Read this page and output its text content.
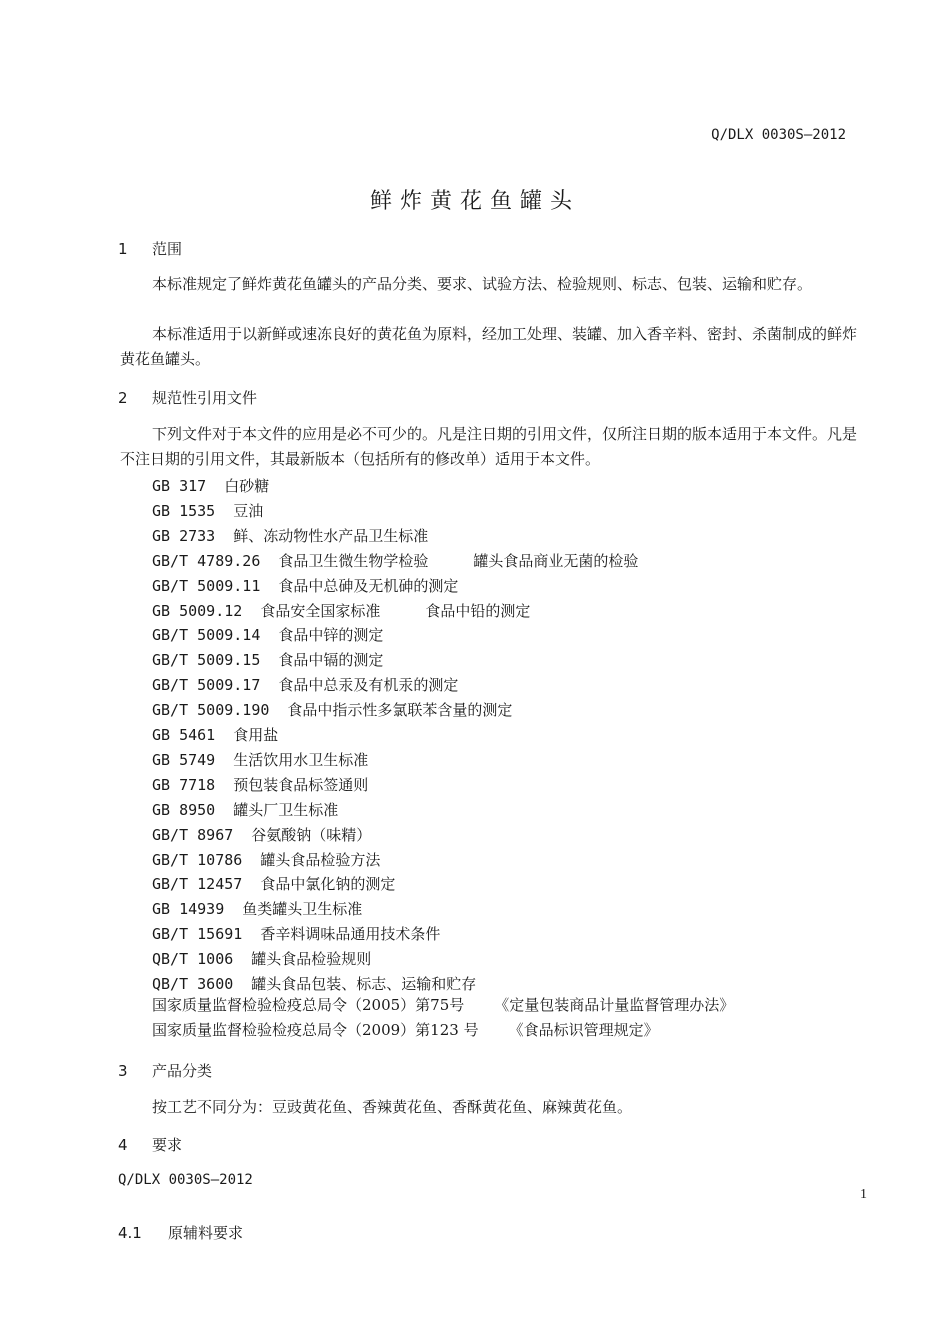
Q/DLX 0030S—2012
鲜炸黄花鱼罐头
1 范围
本标准规定了鲜炸黄花鱼罐头的产品分类、要求、试验方法、检验规则、标志、包装、运输和贮存。
本标准适用于以新鲜或速冻良好的黄花鱼为原料，经加工处理、装罐、加入香辛料、密封、杀菌制成的鲜炸黄花鱼罐头。
2 规范性引用文件
下列文件对于本文件的应用是必不可少的。凡是注日期的引用文件，仅所注日期的版本适用于本文件。凡是不注日期的引用文件，其最新版本（包括所有的修改单）适用于本文件。
GB 317 白砂糖
GB 1535 豆油
GB 2733 鲜、冻动物性水产品卫生标准
GB/T 4789.26 食品卫生微生物学检验　　　罐头食品商业无菌的检验
GB/T 5009.11 食品中总砷及无机砷的测定
GB 5009.12 食品安全国家标准　　　食品中铅的测定
GB/T 5009.14 食品中锌的测定
GB/T 5009.15 食品中镉的测定
GB/T 5009.17 食品中总汞及有机汞的测定
GB/T 5009.190 食品中指示性多氯联苯含量的测定
GB 5461 食用盐
GB 5749 生活饮用水卫生标准
GB 7718 预包装食品标签通则
GB 8950 罐头厂卫生标准
GB/T 8967 谷氨酸钠（味精）
GB/T 10786 罐头食品检验方法
GB/T 12457 食品中氯化钠的测定
GB 14939 鱼类罐头卫生标准
GB/T 15691 香辛料调味品通用技术条件
QB/T 1006 罐头食品检验规则
QB/T 3600 罐头食品包装、标志、运输和贮存
国家质量监督检验检疫总局令（2005）第75号 《定量包装商品计量监督管理办法》
国家质量监督检验检疫总局令（2009）第123 号 《食品标识管理规定》
3 产品分类
按工艺不同分为：豆豉黄花鱼、香辣黄花鱼、香酥黄花鱼、麻辣黄花鱼。
4 要求
Q/DLX 0030S—2012
1
4.1 原辅料要求
